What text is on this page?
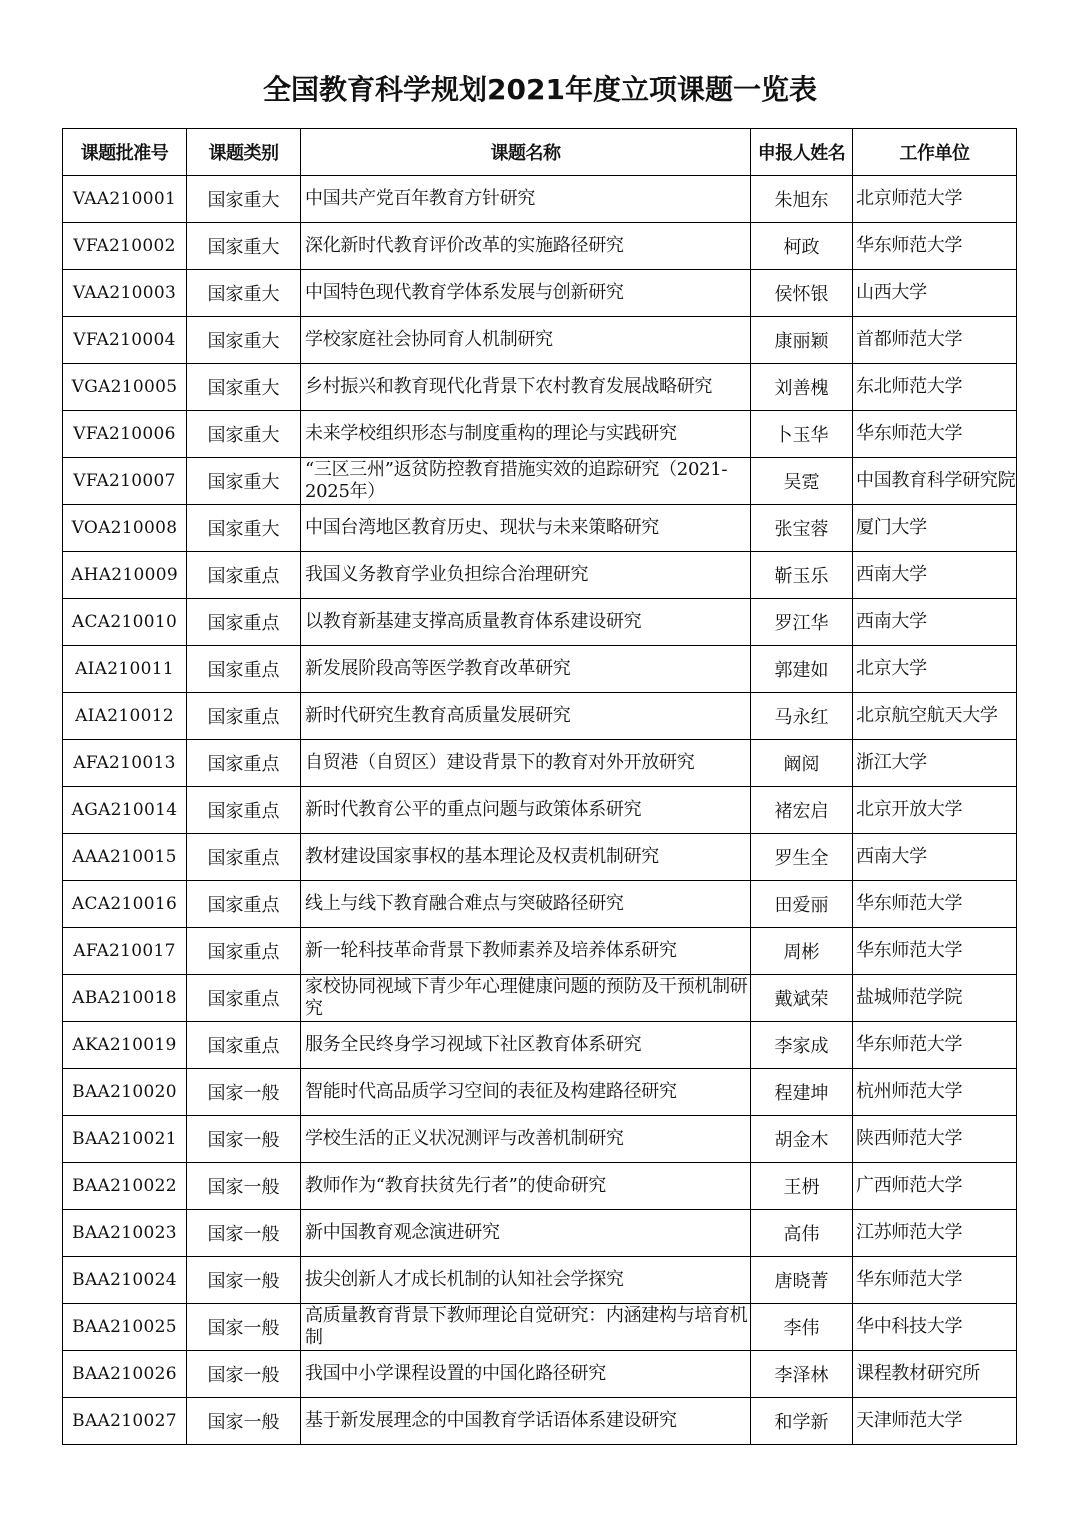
全国教育科学规划2021年度立项课题一览表
课题批准号	课题类别	课题名称	申报人姓名	工作单位
VAA210001	国家重大	中国共产党百年教育方针研究	朱旭东	北京师范大学
VFA210002	国家重大	深化新时代教育评价改革的实施路径研究	柯政	华东师范大学
VAA210003	国家重大	中国特色现代教育学体系发展与创新研究	侯怀银	山西大学
VFA210004	国家重大	学校家庭社会协同育人机制研究	康丽颖	首都师范大学
VGA210005	国家重大	乡村振兴和教育现代化背景下农村教育发展战略研究	刘善槐	东北师范大学
VFA210006	国家重大	未来学校组织形态与制度重构的理论与实践研究	卜玉华	华东师范大学
VFA210007	国家重大	“三区三州”返贫防控教育措施实效的追踪研究（2021-2025年）	吴霓	中国教育科学研究院
VOA210008	国家重大	中国台湾地区教育历史、现状与未来策略研究	张宝蓉	厦门大学
AHA210009	国家重点	我国义务教育学业负担综合治理研究	靳玉乐	西南大学
ACA210010	国家重点	以教育新基建支撑高质量教育体系建设研究	罗江华	西南大学
AIA210011	国家重点	新发展阶段高等医学教育改革研究	郭建如	北京大学
AIA210012	国家重点	新时代研究生教育高质量发展研究	马永红	北京航空航天大学
AFA210013	国家重点	自贸港（自贸区）建设背景下的教育对外开放研究	阚阅	浙江大学
AGA210014	国家重点	新时代教育公平的重点问题与政策体系研究	褚宏启	北京开放大学
AAA210015	国家重点	教材建设国家事权的基本理论及权责机制研究	罗生全	西南大学
ACA210016	国家重点	线上与线下教育融合难点与突破路径研究	田爱丽	华东师范大学
AFA210017	国家重点	新一轮科技革命背景下教师素养及培养体系研究	周彬	华东师范大学
ABA210018	国家重点	家校协同视域下青少年心理健康问题的预防及干预机制研究	戴斌荣	盐城师范学院
AKA210019	国家重点	服务全民终身学习视域下社区教育体系研究	李家成	华东师范大学
BAA210020	国家一般	智能时代高品质学习空间的表征及构建路径研究	程建坤	杭州师范大学
BAA210021	国家一般	学校生活的正义状况测评与改善机制研究	胡金木	陕西师范大学
BAA210022	国家一般	教师作为“教育扶贫先行者”的使命研究	王枬	广西师范大学
BAA210023	国家一般	新中国教育观念演进研究	高伟	江苏师范大学
BAA210024	国家一般	拔尖创新人才成长机制的认知社会学探究	唐晓菁	华东师范大学
BAA210025	国家一般	高质量教育背景下教师理论自觉研究：内涵建构与培育机制	李伟	华中科技大学
BAA210026	国家一般	我国中小学课程设置的中国化路径研究	李泽林	课程教材研究所
BAA210027	国家一般	基于新发展理念的中国教育学话语体系建设研究	和学新	天津师范大学
